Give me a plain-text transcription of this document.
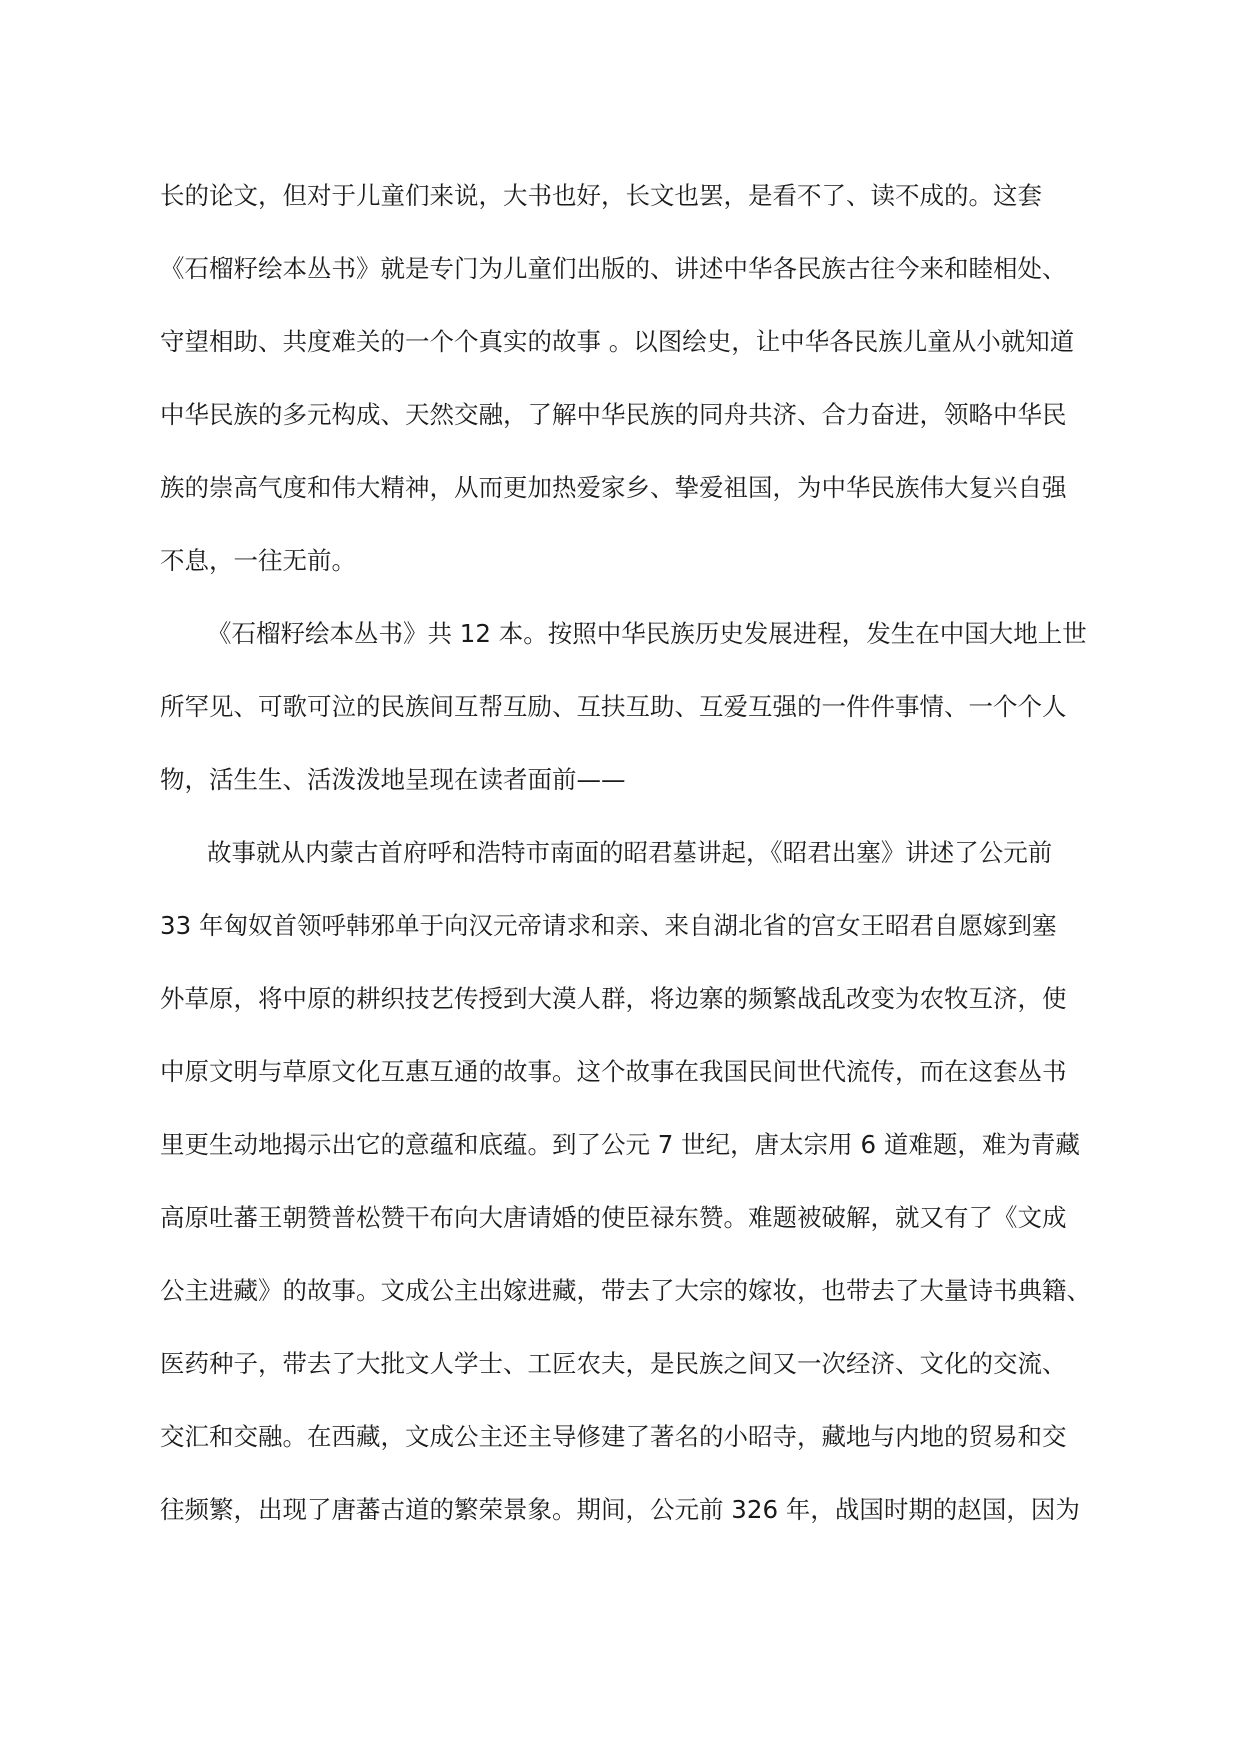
长的论文，但对于儿童们来说，大书也好，长文也罢，是看不了、读不成的。这套

《石榴籽绘本丛书》就是专门为儿童们出版的、讲述中华各民族古往今来和睦相处、

守望相助、共度难关的一个个真实的故事 。以图绘史，让中华各民族儿童从小就知道

中华民族的多元构成、天然交融，了解中华民族的同舟共济、合力奋进，领略中华民

族的崇高气度和伟大精神，从而更加热爱家乡、挚爱祖国，为中华民族伟大复兴自强

不息，一往无前。

《石榴籽绘本丛书》共 12 本。按照中华民族历史发展进程，发生在中国大地上世

所罕见、可歌可泣的民族间互帮互励、互扶互助、互爱互强的一件件事情、一个个人

物，活生生、活泼泼地呈现在读者面前——

故事就从内蒙古首府呼和浩特市南面的昭君墓讲起，《昭君出塞》讲述了公元前

33 年匈奴首领呼韩邪单于向汉元帝请求和亲、来自湖北省的宫女王昭君自愿嫁到塞

外草原，将中原的耕织技艺传授到大漠人群，将边寨的频繁战乱改变为农牧互济，使

中原文明与草原文化互惠互通的故事。这个故事在我国民间世代流传，而在这套丛书

里更生动地揭示出它的意蕴和底蕴。到了公元 7 世纪，唐太宗用 6 道难题，难为青藏

高原吐蕃王朝赞普松赞干布向大唐请婚的使臣禄东赞。难题被破解，就又有了《文成

公主进藏》的故事。文成公主出嫁进藏，带去了大宗的嫁妆，也带去了大量诗书典籍、

医药种子，带去了大批文人学士、工匠农夫，是民族之间又一次经济、文化的交流、

交汇和交融。在西藏，文成公主还主导修建了著名的小昭寺，藏地与内地的贸易和交

往频繁，出现了唐蕃古道的繁荣景象。期间，公元前 326 年，战国时期的赵国，因为
